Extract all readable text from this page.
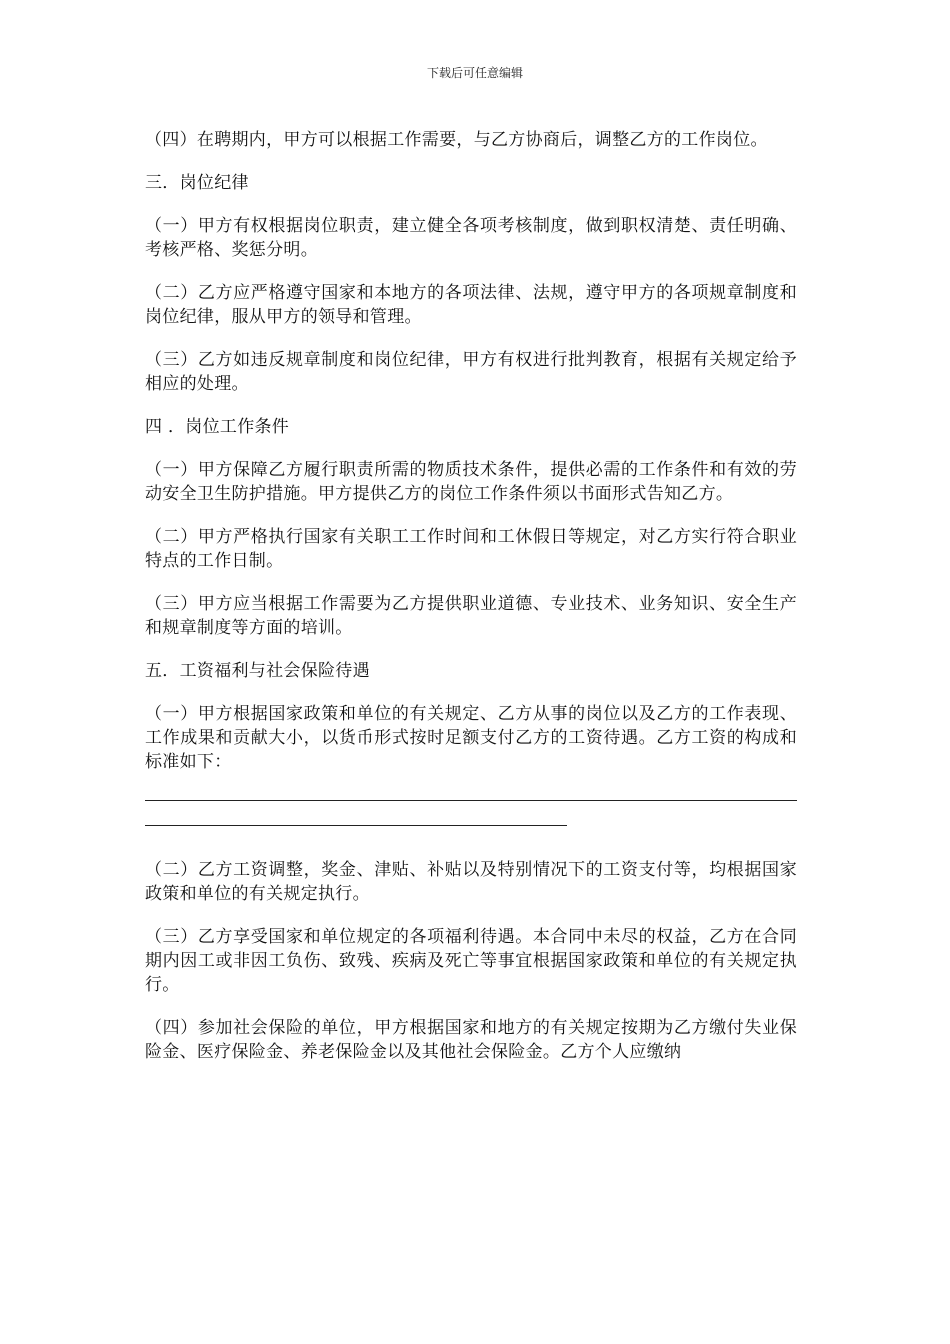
下载后可任意编辑

（四）在聘期内，甲方可以根据工作需要，与乙方协商后，调整乙方的工作岗位。

三．岗位纪律

（一）甲方有权根据岗位职责，建立健全各项考核制度，做到职权清楚、责任明确、考核严格、奖惩分明。

（二）乙方应严格遵守国家和本地方的各项法律、法规，遵守甲方的各项规章制度和岗位纪律，服从甲方的领导和管理。

（三）乙方如违反规章制度和岗位纪律，甲方有权进行批判教育，根据有关规定给予相应的处理。

四 ．岗位工作条件

（一）甲方保障乙方履行职责所需的物质技术条件，提供必需的工作条件和有效的劳动安全卫生防护措施。甲方提供乙方的岗位工作条件须以书面形式告知乙方。

（二）甲方严格执行国家有关职工工作时间和工休假日等规定，对乙方实行符合职业特点的工作日制。

（三）甲方应当根据工作需要为乙方提供职业道德、专业技术、业务知识、安全生产和规章制度等方面的培训。

五．工资福利与社会保险待遇

（一）甲方根据国家政策和单位的有关规定、乙方从事的岗位以及乙方的工作表现、工作成果和贡献大小，以货币形式按时足额支付乙方的工资待遇。乙方工资的构成和标准如下：

（二）乙方工资调整，奖金、津贴、补贴以及特别情况下的工资支付等，均根据国家政策和单位的有关规定执行。

（三）乙方享受国家和单位规定的各项福利待遇。本合同中未尽的权益，乙方在合同期内因工或非因工负伤、致残、疾病及死亡等事宜根据国家政策和单位的有关规定执行。

（四）参加社会保险的单位，甲方根据国家和地方的有关规定按期为乙方缴付失业保险金、医疗保险金、养老保险金以及其他社会保险金。乙方个人应缴纳
